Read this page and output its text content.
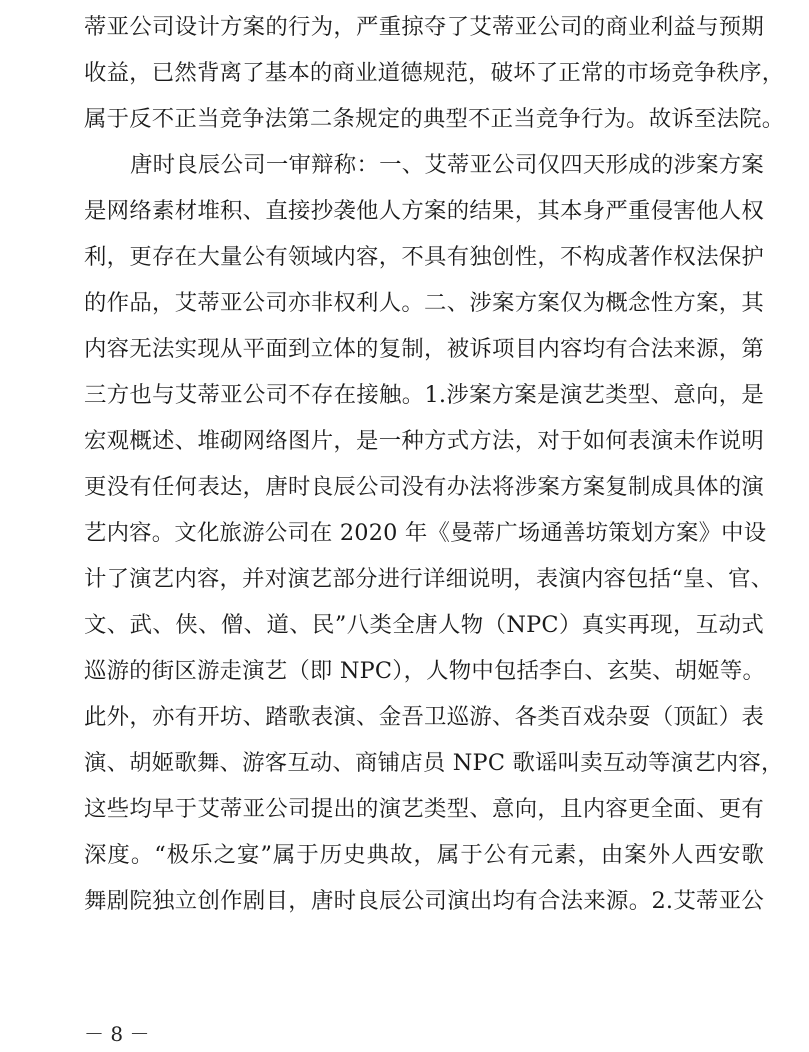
蒂亚公司设计方案的行为，严重掠夺了艾蒂亚公司的商业利益与预期
收益，已然背离了基本的商业道德规范，破坏了正常的市场竞争秩序，
属于反不正当竞争法第二条规定的典型不正当竞争行为。故诉至法院。
唐时良辰公司一审辩称：一、艾蒂亚公司仅四天形成的涉案方案
是网络素材堆积、直接抄袭他人方案的结果，其本身严重侵害他人权
利，更存在大量公有领域内容，不具有独创性，不构成著作权法保护
的作品，艾蒂亚公司亦非权利人。二、涉案方案仅为概念性方案，其
内容无法实现从平面到立体的复制，被诉项目内容均有合法来源，第
三方也与艾蒂亚公司不存在接触。1.涉案方案是演艺类型、意向，是
宏观概述、堆砌网络图片，是一种方式方法，对于如何表演未作说明
更没有任何表达，唐时良辰公司没有办法将涉案方案复制成具体的演
艺内容。文化旅游公司在 2020 年《曼蒂广场通善坊策划方案》中设
计了演艺内容，并对演艺部分进行详细说明，表演内容包括“皇、官、
文、武、侠、僧、道、民”八类全唐人物（NPC）真实再现，互动式
巡游的街区游走演艺（即 NPC），人物中包括李白、玄奘、胡姬等。
此外，亦有开坊、踏歌表演、金吾卫巡游、各类百戏杂耍（顶缸）表
演、胡姬歌舞、游客互动、商铺店员 NPC 歌谣叫卖互动等演艺内容，
这些均早于艾蒂亚公司提出的演艺类型、意向，且内容更全面、更有
深度。“极乐之宴”属于历史典故，属于公有元素，由案外人西安歌
舞剧院独立创作剧目，唐时良辰公司演出均有合法来源。2.艾蒂亚公
－ 8 －
